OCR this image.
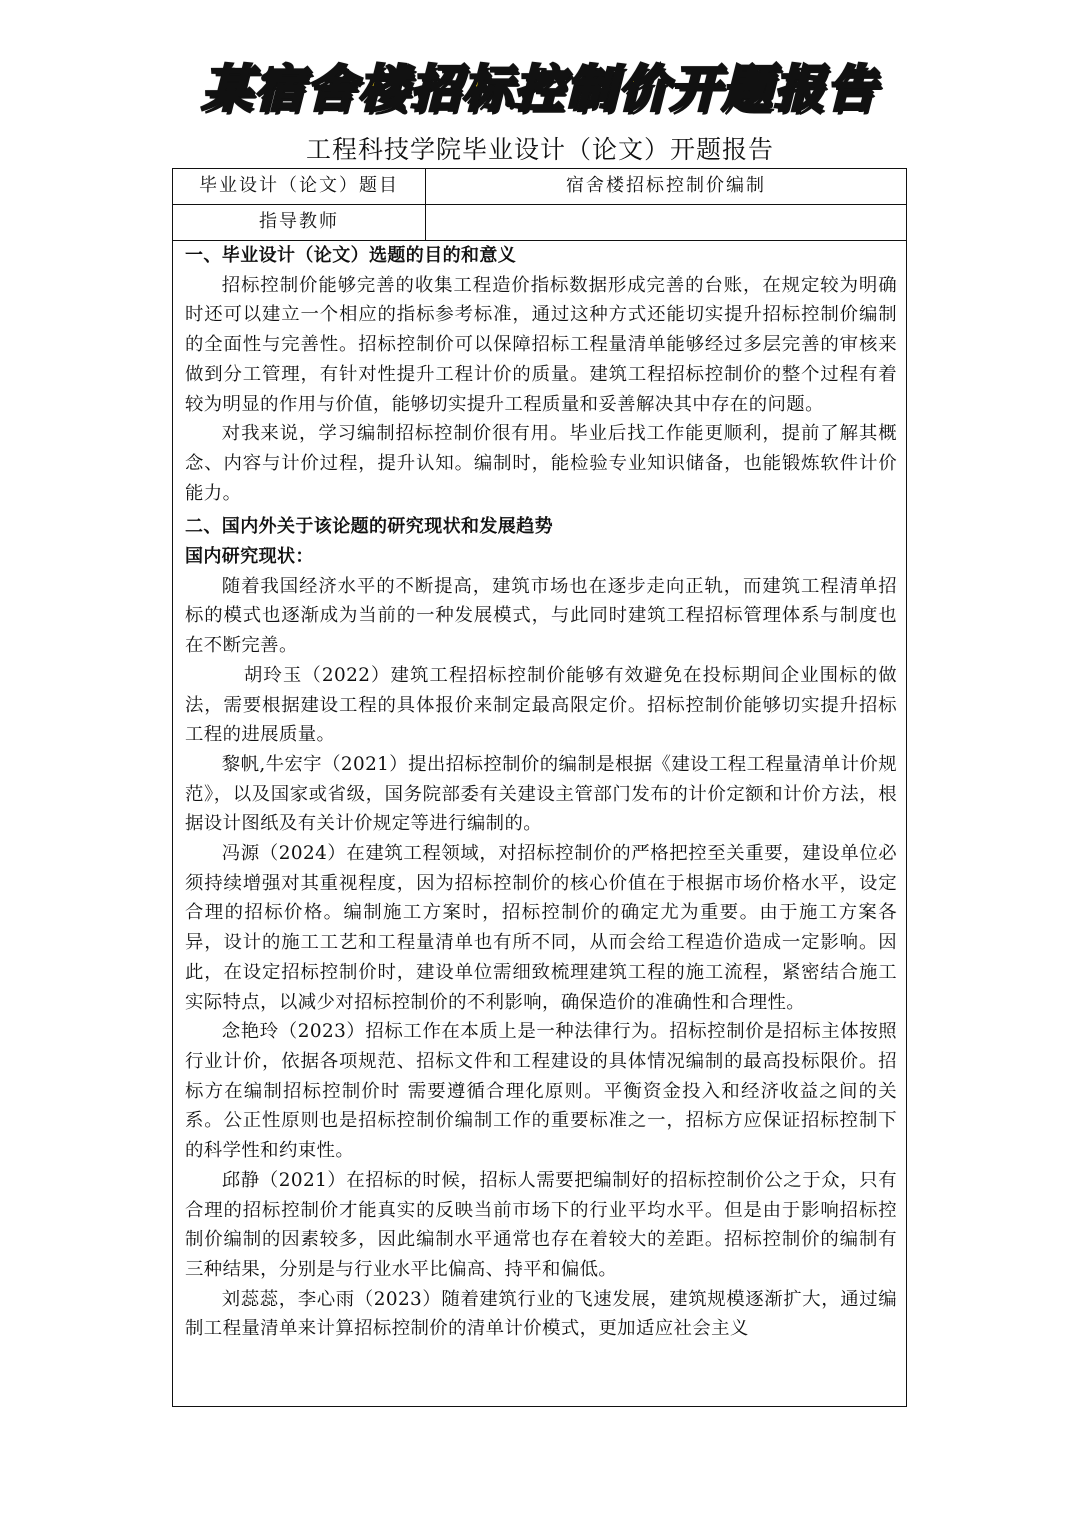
某宿舍楼招标控制价开题报告
工程科技学院毕业设计（论文）开题报告
毕业设计（论文）题目	宿舍楼招标控制价编制
指导教师

一、毕业设计（论文）选题的目的和意义

招标控制价能够完善的收集工程造价指标数据形成完善的台账，在规定较为明确时还可以建立一个相应的指标参考标准，通过这种方式还能切实提升招标控制价编制的全面性与完善性。招标控制价可以保障招标工程量清单能够经过多层完善的审核来做到分工管理，有针对性提升工程计价的质量。建筑工程招标控制价的整个过程有着较为明显的作用与价值，能够切实提升工程质量和妥善解决其中存在的问题。

对我来说，学习编制招标控制价很有用。毕业后找工作能更顺利，提前了解其概念、内容与计价过程，提升认知。编制时，能检验专业知识储备，也能锻炼软件计价能力。

二、国内外关于该论题的研究现状和发展趋势

国内研究现状：

随着我国经济水平的不断提高，建筑市场也在逐步走向正轨，而建筑工程清单招标的模式也逐渐成为当前的一种发展模式，与此同时建筑工程招标管理体系与制度也在不断完善。

胡玲玉（2022）建筑工程招标控制价能够有效避免在投标期间企业围标的做法，需要根据建设工程的具体报价来制定最高限定价。招标控制价能够切实提升招标工程的进展质量。

黎帆,牛宏宇（2021）提出招标控制价的编制是根据《建设工程工程量清单计价规范》，以及国家或省级，国务院部委有关建设主管部门发布的计价定额和计价方法，根据设计图纸及有关计价规定等进行编制的。

冯源（2024）在建筑工程领域，对招标控制价的严格把控至关重要，建设单位必须持续增强对其重视程度，因为招标控制价的核心价值在于根据市场价格水平，设定合理的招标价格。编制施工方案时，招标控制价的确定尤为重要。由于施工方案各异，设计的施工工艺和工程量清单也有所不同，从而会给工程造价造成一定影响。因此，在设定招标控制价时，建设单位需细致梳理建筑工程的施工流程，紧密结合施工实际特点，以减少对招标控制价的不利影响，确保造价的准确性和合理性。

念艳玲（2023）招标工作在本质上是一种法律行为。招标控制价是招标主体按照行业计价，依据各项规范、招标文件和工程建设的具体情况编制的最高投标限价。招标方在编制招标控制价时 需要遵循合理化原则。平衡资金投入和经济收益之间的关系。公正性原则也是招标控制价编制工作的重要标准之一，招标方应保证招标控制下的科学性和约束性。

邱静（2021）在招标的时候，招标人需要把编制好的招标控制价公之于众，只有合理的招标控制价才能真实的反映当前市场下的行业平均水平。但是由于影响招标控制价编制的因素较多，因此编制水平通常也存在着较大的差距。招标控制价的编制有三种结果，分别是与行业水平比偏高、持平和偏低。

刘蕊蕊，李心雨（2023）随着建筑行业的飞速发展，建筑规模逐渐扩大，通过编制工程量清单来计算招标控制价的清单计价模式，更加适应社会主义
